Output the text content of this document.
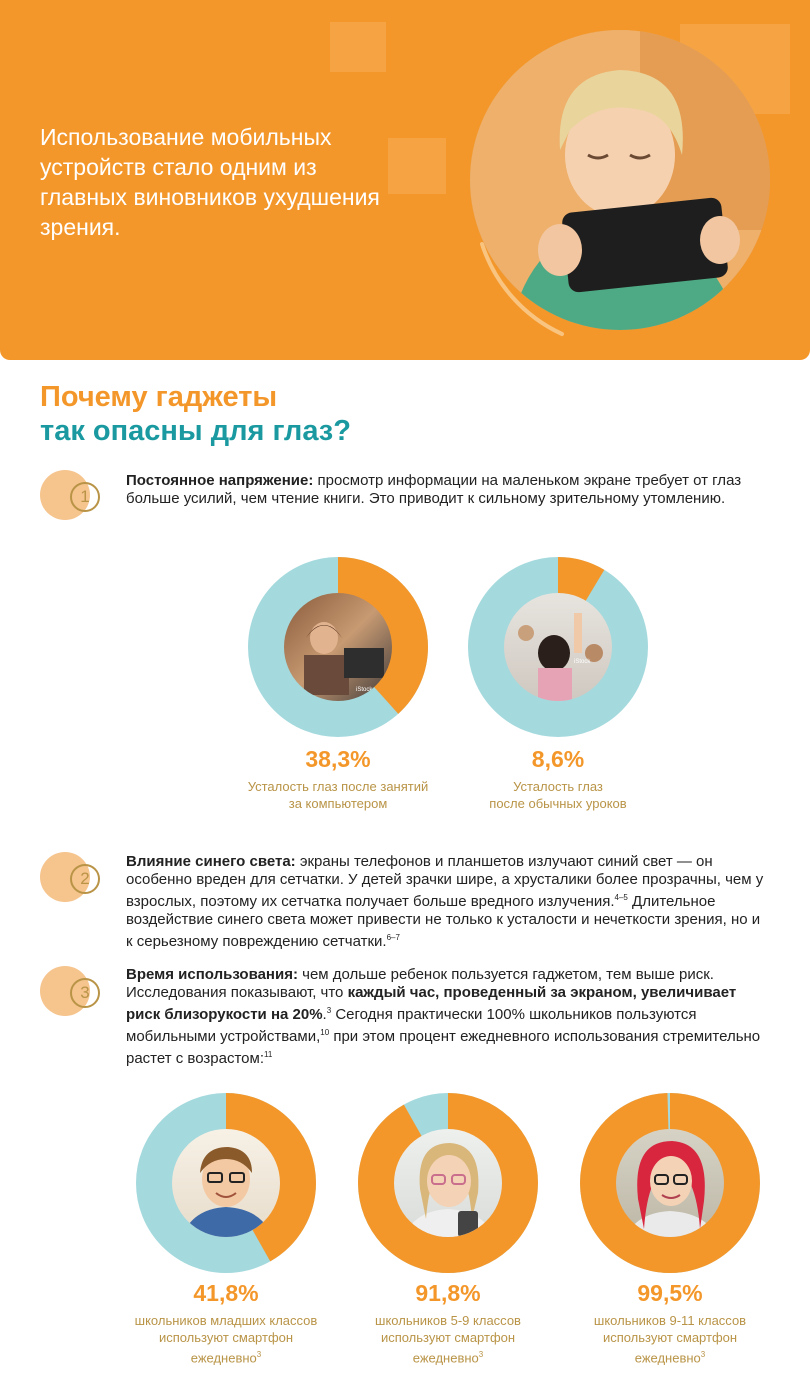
Использование мобильных устройств стало одним из главных виновников ухудшения зрения.
Почему гаджеты
так опасны для глаз?
1
Постоянное напряжение: просмотр информации на маленьком экране требует от глаз больше усилий, чем чтение книги. Это приводит к сильному зрительному утомлению.
iStock
38,3%
Усталость глаз после занятий
за компьютером
iStock
8,6%
Усталость глаз
после обычных уроков
2
Влияние синего света: экраны телефонов и планшетов излучают синий свет — он особенно вреден для сетчатки. У детей зрачки шире, а хрусталики более прозрачны, чем у взрослых, поэтому их сетчатка получает больше вредного излучения.$^{4-5}$ Длительное воздействие синего света может привести не только к усталости и нечеткости зрения, но и к серьезному повреждению сетчатки.$^{6-7}$
3
Время использования: чем дольше ребенок пользуется гаджетом, тем выше риск. Исследования показывают, что каждый час, проведенный за экраном, увеличивает риск близорукости на 20%.$^3$ Сегодня практически 100% школьников пользуются мобильными устройствами,$^{10}$ при этом процент ежедневного использования стремительно растет с возрастом:$^{11}$
41,8%
школьников младших классов
используют смартфон
ежедневно$^3$
91,8%
школьников 5-9 классов
используют смартфон
ежедневно$^3$
99,5%
школьников 9-11 классов
используют смартфон
ежедневно$^3$
